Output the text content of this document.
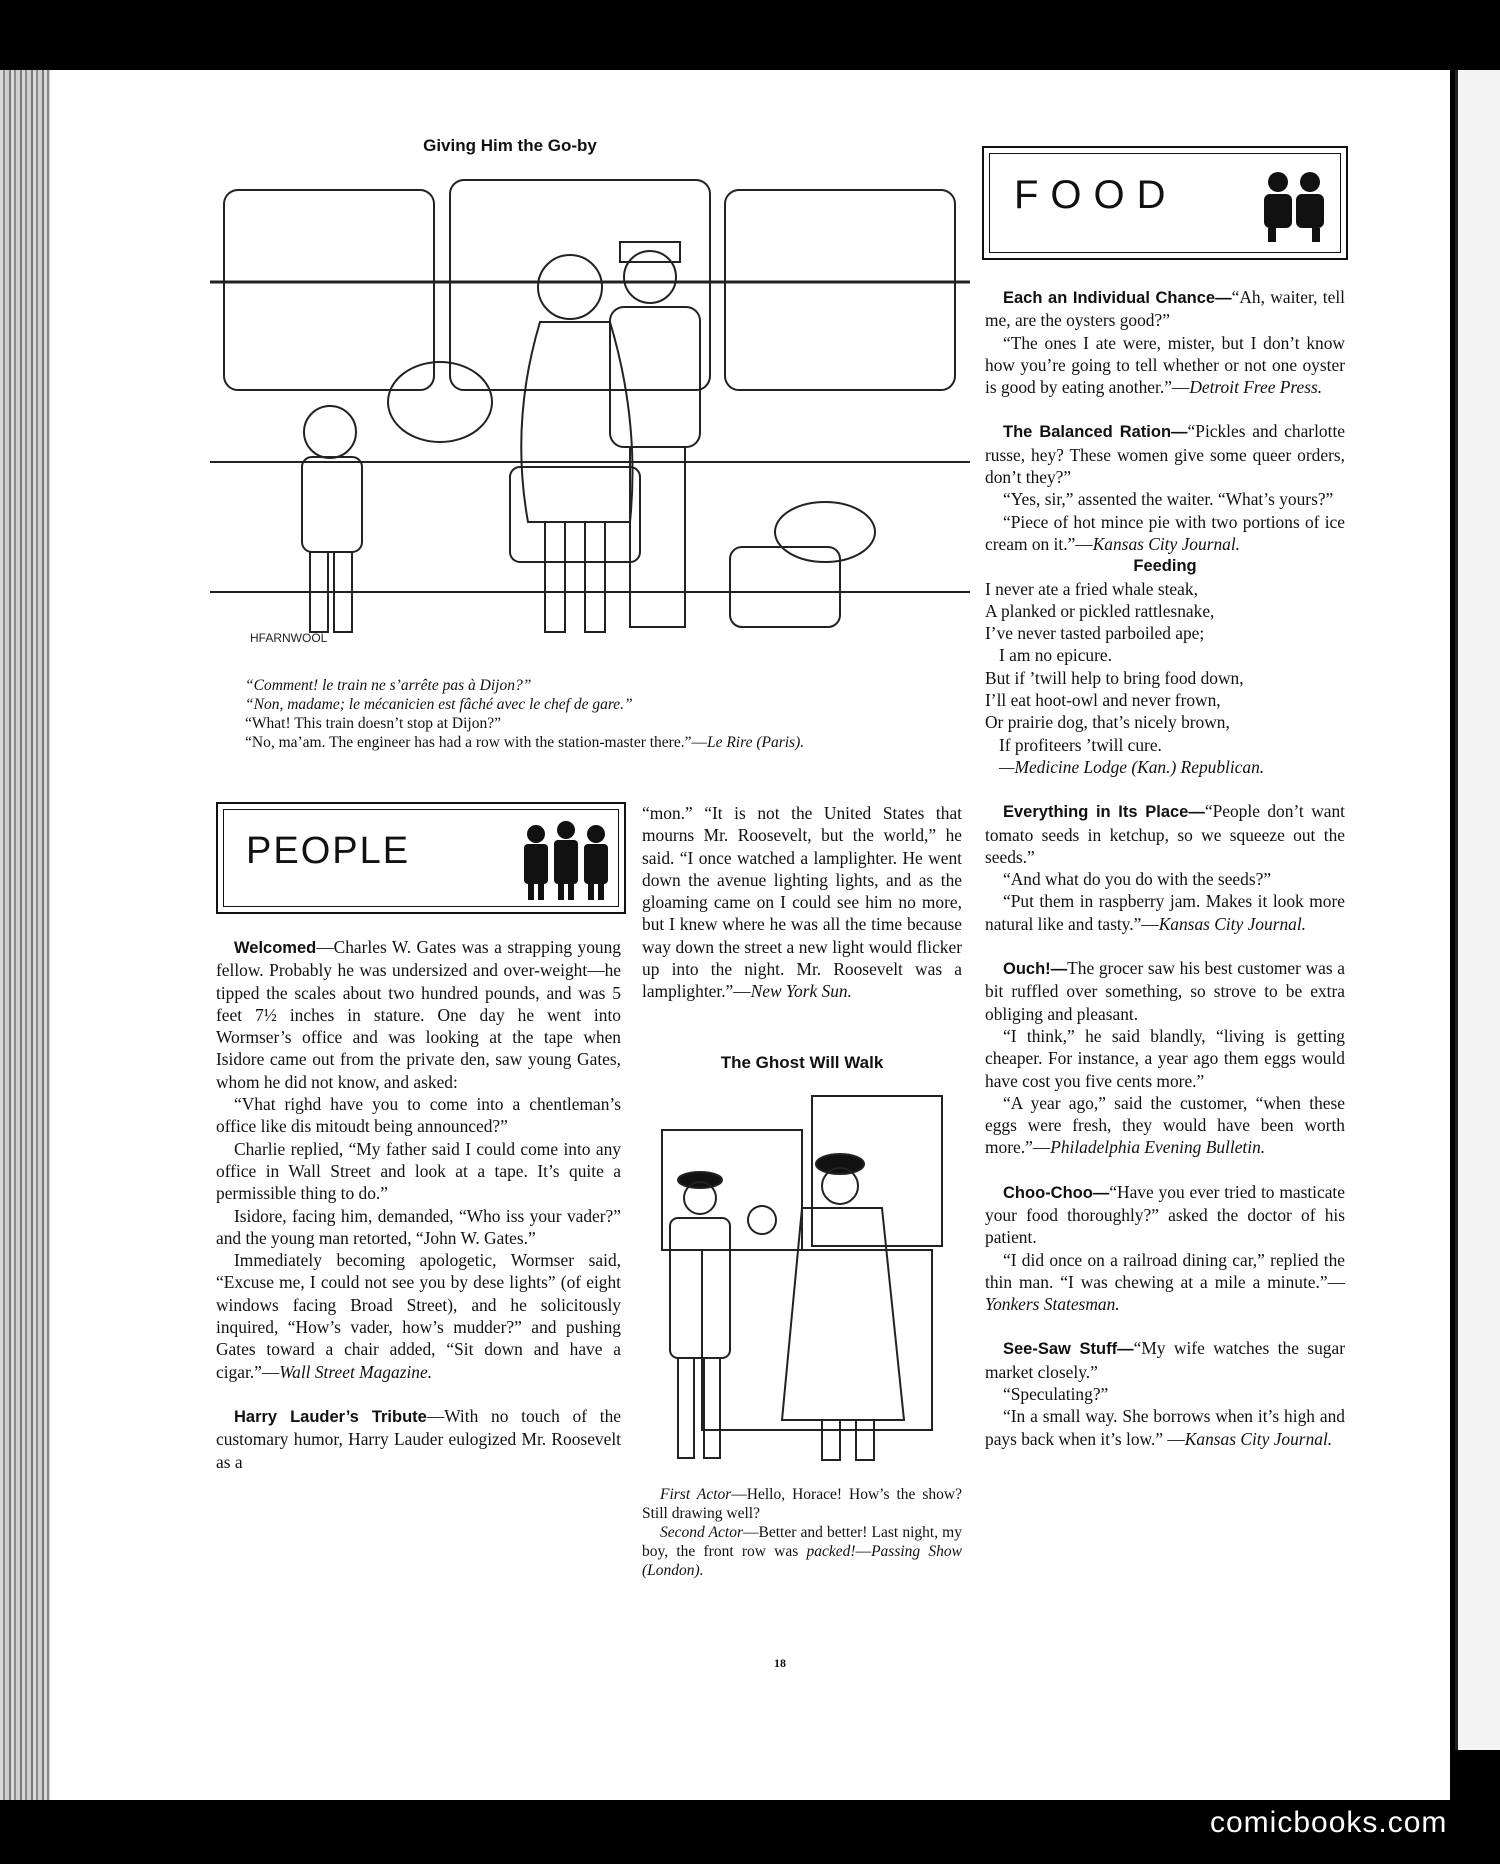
Giving Him the Go-by
HFARNWOOL
“Comment! le train ne s’arrête pas à Dijon?”
“Non, madame; le mécanicien est fâché avec le chef de gare.”
“What! This train doesn’t stop at Dijon?”
“No, ma’am. The engineer has had a row with the station-master there.”—Le Rire (Paris).
FOOD

Each an Individual Chance—“Ah, waiter, tell me, are the oysters good?”

“The ones I ate were, mister, but I don’t know how you’re going to tell whether or not one oyster is good by eating another.”—Detroit Free Press.

The Balanced Ration—“Pickles and charlotte russe, hey? These women give some queer orders, don’t they?”

“Yes, sir,” assented the waiter. “What’s yours?”

“Piece of hot mince pie with two portions of ice cream on it.”—Kansas City Journal.

Feeding

I never ate a fried whale steak,

A planked or pickled rattlesnake,

I’ve never tasted parboiled ape;

I am no epicure.

But if ’twill help to bring food down,

I’ll eat hoot-owl and never frown,

Or prairie dog, that’s nicely brown,

If profiteers ’twill cure.

—Medicine Lodge (Kan.) Republican.

Everything in Its Place—“People don’t want tomato seeds in ketchup, so we squeeze out the seeds.”

“And what do you do with the seeds?”

“Put them in raspberry jam. Makes it look more natural like and tasty.”—Kansas City Journal.

Ouch!—The grocer saw his best customer was a bit ruffled over something, so strove to be extra obliging and pleasant.

“I think,” he said blandly, “living is getting cheaper. For instance, a year ago them eggs would have cost you five cents more.”

“A year ago,” said the customer, “when these eggs were fresh, they would have been worth more.”—Philadelphia Evening Bulletin.

Choo-Choo—“Have you ever tried to masticate your food thoroughly?” asked the doctor of his patient.

“I did once on a railroad dining car,” replied the thin man. “I was chewing at a mile a minute.”—Yonkers Statesman.

See-Saw Stuff—“My wife watches the sugar market closely.”

“Speculating?”

“In a small way. She borrows when it’s high and pays back when it’s low.” —Kansas City Journal.

PEOPLE

Welcomed—Charles W. Gates was a strapping young fellow. Probably he was undersized and over-weight—he tipped the scales about two hundred pounds, and was 5 feet 7½ inches in stature. One day he went into Wormser’s office and was looking at the tape when Isidore came out from the private den, saw young Gates, whom he did not know, and asked:

“Vhat righd have you to come into a chentleman’s office like dis mitoudt being announced?”

Charlie replied, “My father said I could come into any office in Wall Street and look at a tape. It’s quite a permissible thing to do.”

Isidore, facing him, demanded, “Who iss your vader?” and the young man retorted, “John W. Gates.”

Immediately becoming apologetic, Wormser said, “Excuse me, I could not see you by dese lights” (of eight windows facing Broad Street), and he solicitously inquired, “How’s vader, how’s mudder?” and pushing Gates toward a chair added, “Sit down and have a cigar.”—Wall Street Magazine.

Harry Lauder’s Tribute—With no touch of the customary humor, Harry Lauder eulogized Mr. Roosevelt as a

“mon.” “It is not the United States that mourns Mr. Roosevelt, but the world,” he said. “I once watched a lamplighter. He went down the avenue lighting lights, and as the gloaming came on I could see him no more, but I knew where he was all the time because way down the street a new light would flicker up into the night. Mr. Roosevelt was a lamplighter.”—New York Sun.

The Ghost Will Walk
First Actor—Hello, Horace! How’s the show? Still drawing well?
Second Actor—Better and better! Last night, my boy, the front row was packed!—Passing Show (London).
18
comicbooks.com
